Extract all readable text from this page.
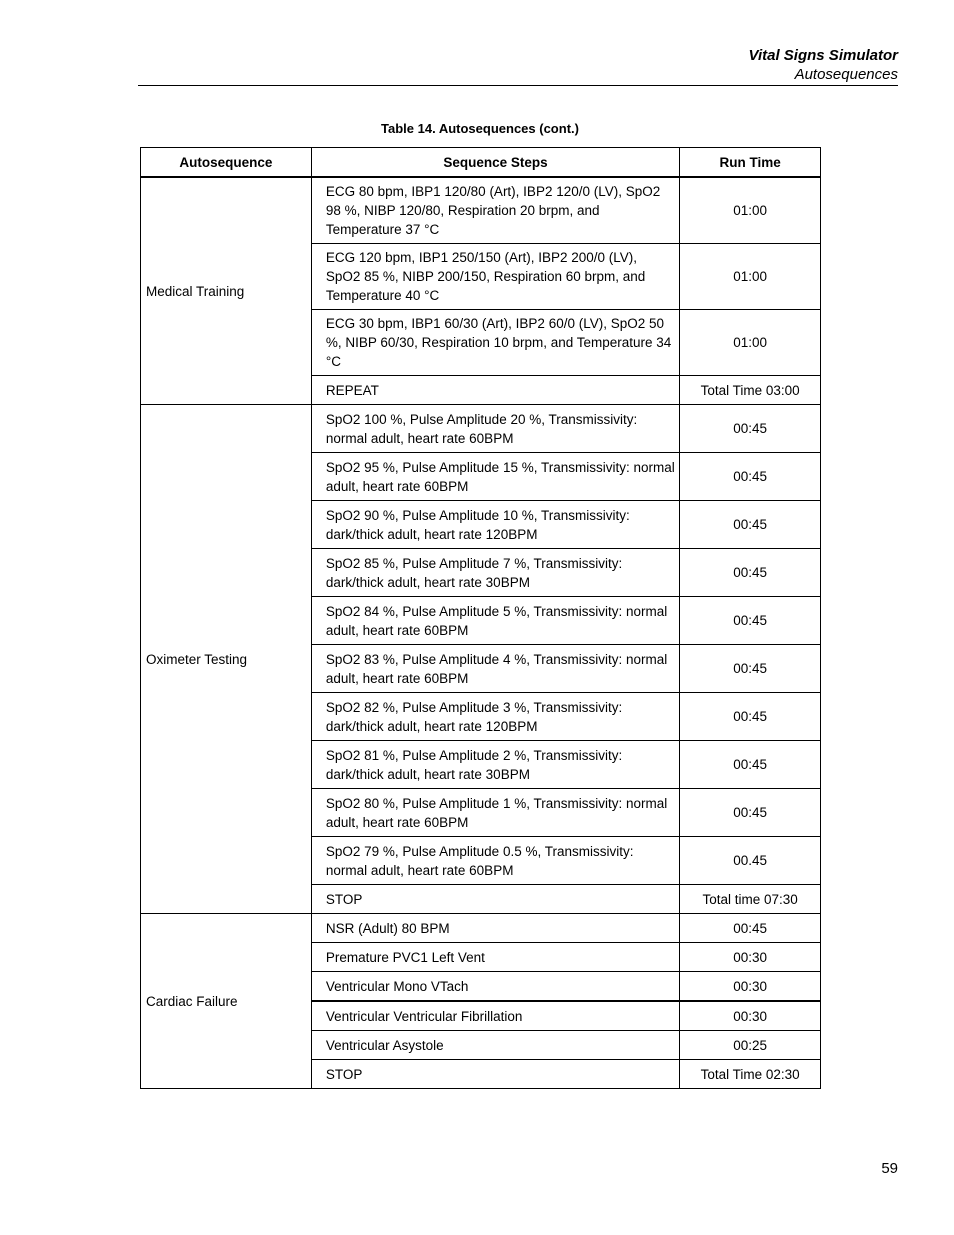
Vital Signs Simulator
Autosequences
Table 14. Autosequences (cont.)
Autosequence	Sequence Steps	Run Time
Medical Training	ECG 80 bpm, IBP1 120/80 (Art), IBP2 120/0 (LV), SpO2 98 %, NIBP 120/80, Respiration 20 brpm, and Temperature 37 °C	01:00
	ECG 120 bpm, IBP1 250/150 (Art), IBP2 200/0 (LV), SpO2 85 %, NIBP 200/150, Respiration 60 brpm, and Temperature 40 °C	01:00
	ECG 30 bpm, IBP1 60/30 (Art), IBP2 60/0 (LV), SpO2 50 %, NIBP 60/30, Respiration 10 brpm, and Temperature 34 °C	01:00
	REPEAT	Total Time 03:00
Oximeter Testing	SpO2 100 %, Pulse Amplitude 20 %, Transmissivity: normal adult, heart rate 60BPM	00:45
	SpO2 95 %, Pulse Amplitude 15 %, Transmissivity: normal adult, heart rate 60BPM	00:45
	SpO2 90 %, Pulse Amplitude 10 %, Transmissivity: dark/thick adult, heart rate 120BPM	00:45
	SpO2 85 %, Pulse Amplitude 7 %, Transmissivity: dark/thick adult, heart rate 30BPM	00:45
	SpO2 84 %, Pulse Amplitude 5 %, Transmissivity: normal adult, heart rate 60BPM	00:45
	SpO2 83 %, Pulse Amplitude 4 %, Transmissivity: normal adult, heart rate 60BPM	00:45
	SpO2 82 %, Pulse Amplitude 3 %, Transmissivity: dark/thick adult, heart rate 120BPM	00:45
	SpO2 81 %, Pulse Amplitude 2 %, Transmissivity: dark/thick adult, heart rate 30BPM	00:45
	SpO2 80 %, Pulse Amplitude 1 %, Transmissivity: normal adult, heart rate 60BPM	00:45
	SpO2 79 %, Pulse Amplitude 0.5 %, Transmissivity: normal adult, heart rate 60BPM	00.45
	STOP	Total time 07:30
Cardiac Failure	NSR (Adult) 80 BPM	00:45
	Premature PVC1 Left Vent	00:30
	Ventricular Mono VTach	00:30
	Ventricular Ventricular Fibrillation	00:30
	Ventricular Asystole	00:25
	STOP	Total Time 02:30
59
